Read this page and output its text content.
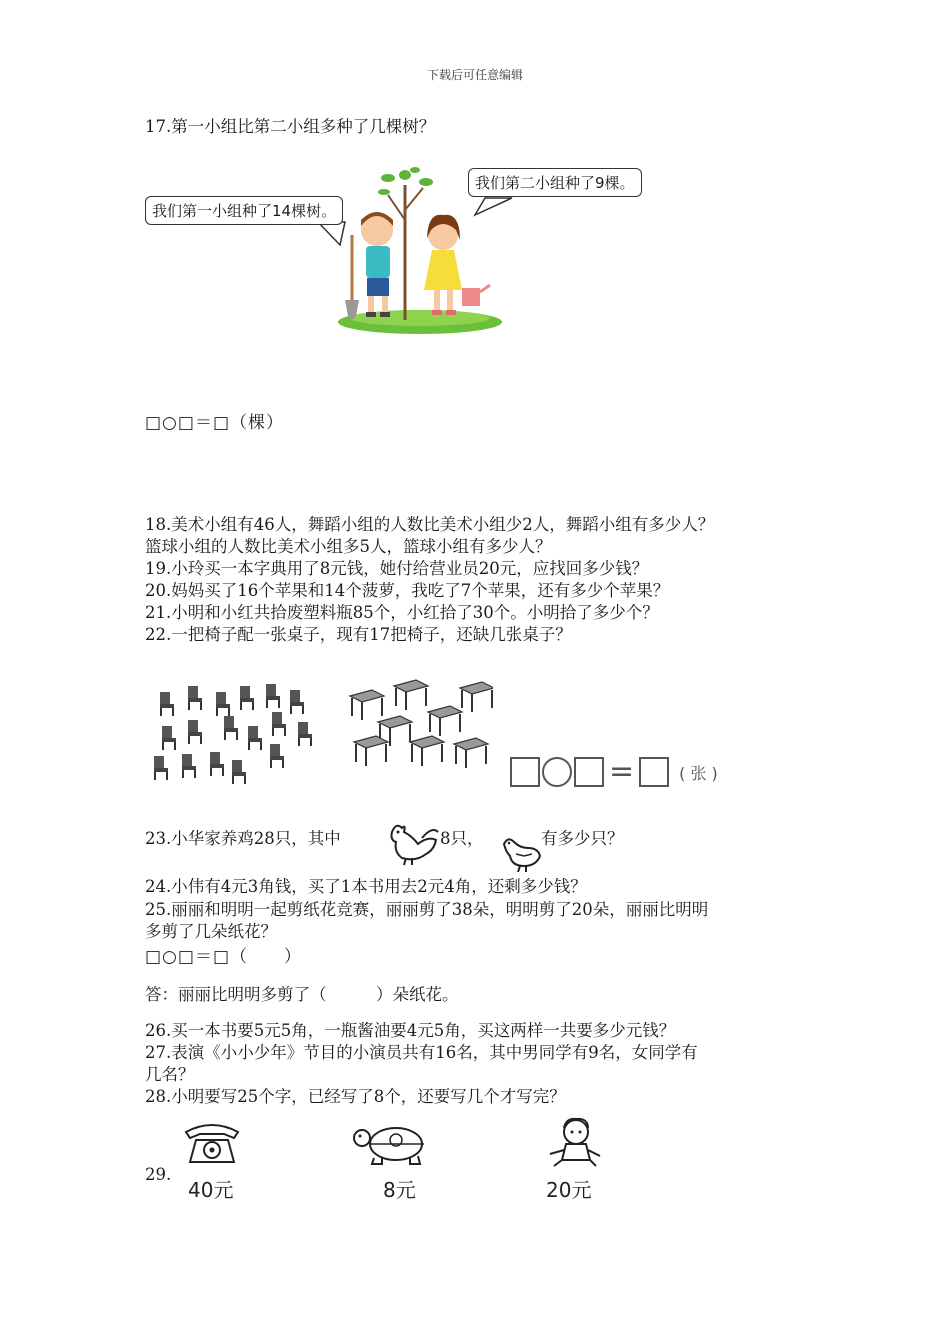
下载后可任意编辑
17.第一小组比第二小组多种了几棵树？
我们第一小组种了14棵树。
我们第二小组种了9棵。
□○□＝□（棵）
18.美术小组有46人，舞蹈小组的人数比美术小组少2人，舞蹈小组有多少人？
篮球小组的人数比美术小组多5人，篮球小组有多少人？
19.小玲买一本字典用了8元钱，她付给营业员20元，应找回多少钱？
20.妈妈买了16个苹果和14个菠萝，我吃了7个苹果，还有多少个苹果？
21.小明和小红共拾废塑料瓶85个，小红拾了30个。小明拾了多少个？
22.一把椅子配一张桌子，现有17把椅子，还缺几张桌子？
=	( 张 )
23.小华家养鸡28只，其中	8只，	有多少只？
24.小伟有4元3角钱，买了1本书用去2元4角，还剩多少钱？
25.丽丽和明明一起剪纸花竞赛，丽丽剪了38朵，明明剪了20朵，丽丽比明明
多剪了几朵纸花？
□○□＝□（　　）
答：丽丽比明明多剪了（　　　）朵纸花。
26.买一本书要5元5角，一瓶酱油要4元5角，买这两样一共要多少元钱？
27.表演《小小少年》节目的小演员共有16名，其中男同学有9名，女同学有
几名？
28.小明要写25个字，已经写了8个，还要写几个才写完？
29.
40元	8元	20元
